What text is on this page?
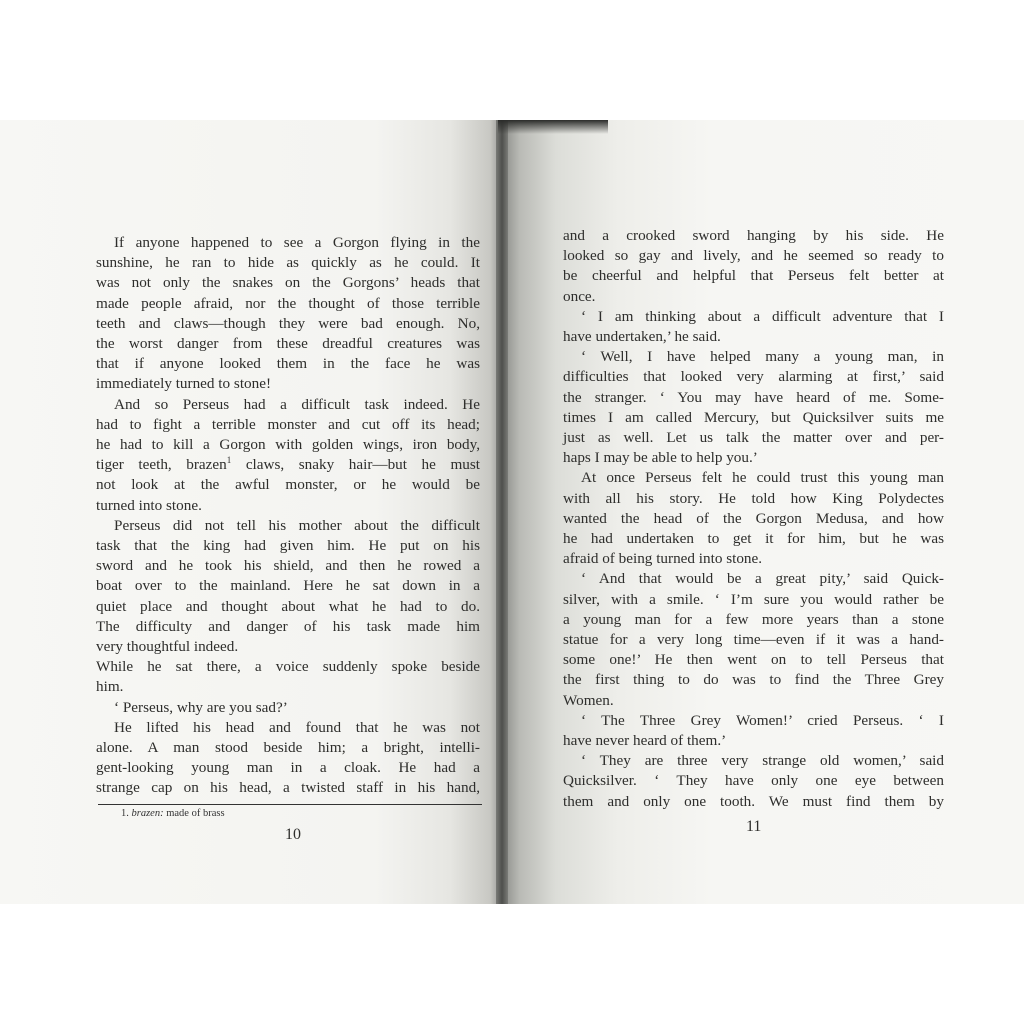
If anyone happened to see a Gorgon flying in the
sunshine, he ran to hide as quickly as he could. It
was not only the snakes on the Gorgons’ heads that
made people afraid, nor the thought of those terrible
teeth and claws—though they were bad enough. No,
the worst danger from these dreadful creatures was
that if anyone looked them in the face he was
immediately turned to stone!
And so Perseus had a difficult task indeed. He
had to fight a terrible monster and cut off its head;
he had to kill a Gorgon with golden wings, iron body,
tiger teeth, brazen$^1$ claws, snaky hair—but he must
not look at the awful monster, or he would be
turned into stone.
Perseus did not tell his mother about the difficult
task that the king had given him. He put on his
sword and he took his shield, and then he rowed a
boat over to the mainland. Here he sat down in a
quiet place and thought about what he had to do.
The difficulty and danger of his task made him
very thoughtful indeed.
While he sat there, a voice suddenly spoke beside
him.
‘ Perseus, why are you sad?’
He lifted his head and found that he was not
alone. A man stood beside him; a bright, intelli-
gent-looking young man in a cloak. He had a
strange cap on his head, a twisted staff in his hand,
1. brazen: made of brass
10
and a crooked sword hanging by his side. He
looked so gay and lively, and he seemed so ready to
be cheerful and helpful that Perseus felt better at
once.
‘ I am thinking about a difficult adventure that I
have undertaken,’ he said.
‘ Well, I have helped many a young man, in
difficulties that looked very alarming at first,’ said
the stranger. ‘ You may have heard of me. Some-
times I am called Mercury, but Quicksilver suits me
just as well. Let us talk the matter over and per-
haps I may be able to help you.’
At once Perseus felt he could trust this young man
with all his story. He told how King Polydectes
wanted the head of the Gorgon Medusa, and how
he had undertaken to get it for him, but he was
afraid of being turned into stone.
‘ And that would be a great pity,’ said Quick-
silver, with a smile. ‘ I’m sure you would rather be
a young man for a few more years than a stone
statue for a very long time—even if it was a hand-
some one!’ He then went on to tell Perseus that
the first thing to do was to find the Three Grey
Women.
‘ The Three Grey Women!’ cried Perseus. ‘ I
have never heard of them.’
‘ They are three very strange old women,’ said
Quicksilver. ‘ They have only one eye between
them and only one tooth. We must find them by
11
